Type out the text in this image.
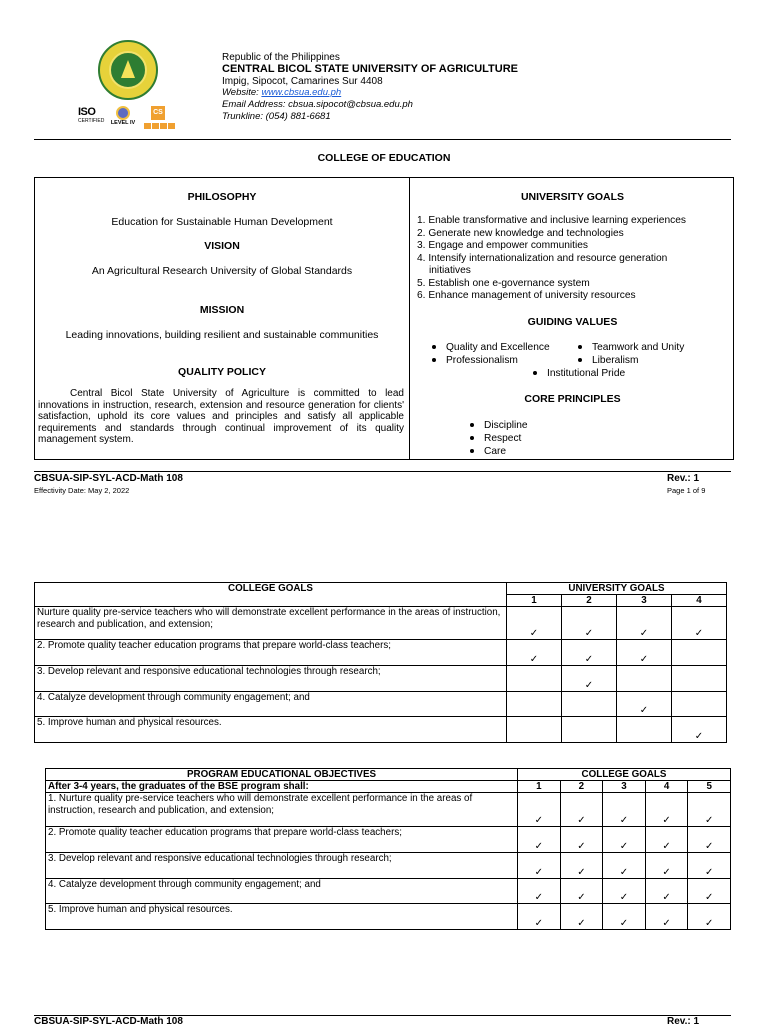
ISO
CERTIFIED LEVEL IV
CS
Republic of the Philippines
CENTRAL BICOL STATE UNIVERSITY OF AGRICULTURE
Impig, Sipocot, Camarines Sur 4408
Website: www.cbsua.edu.ph
Email Address: cbsua.sipocot@cbsua.edu.ph
Trunkline: (054) 881-6681
COLLEGE OF EDUCATION
PHILOSOPHY
Education for Sustainable Human Development
VISION
An Agricultural Research University of Global Standards
MISSION
Leading innovations, building resilient and sustainable communities
QUALITY POLICY
Central Bicol State University of Agriculture is committed to lead innovations in instruction, research, extension and resource generation for clients' satisfaction, uphold its core values and principles and satisfy all applicable requirements and standards through continual improvement of its quality management system.
UNIVERSITY GOALS
1. Enable transformative and inclusive learning experiences
2. Generate new knowledge and technologies
3. Engage and empower communities
4. Intensify internationalization and resource generation
initiatives
5. Establish one e-governance system
6. Enhance management of university resources
GUIDING VALUES
Quality and Excellence	Teamwork and Unity
Professionalism	Liberalism
Institutional Pride
CORE PRINCIPLES
Discipline
Respect
Care
CBSUA-SIP-SYL-ACD-Math 108
Effectivity Date: May 2, 2022
Rev.: 1
Page 1 of 9
COLLEGE GOALS	UNIVERSITY GOALS			
	1	2	3	4
Nurture quality pre-service teachers who will demonstrate excellent performance in the areas of instruction, research and publication, and extension;	✓	✓	✓	✓
2. Promote quality teacher education programs that prepare world-class teachers;	✓	✓	✓	
3. Develop relevant and responsive educational technologies through research;		✓		
4. Catalyze development through community engagement; and			✓	
5. Improve human and physical resources.				✓
PROGRAM EDUCATIONAL OBJECTIVES	COLLEGE GOALS				
After 3-4 years, the graduates of the BSE program shall:	1	2	3	4	5
1. Nurture quality pre-service teachers who will demonstrate excellent performance in the areas of instruction, research and publication, and extension;	✓	✓	✓	✓	✓
2. Promote quality teacher education programs that prepare world-class teachers;	✓	✓	✓	✓	✓
3. Develop relevant and responsive educational technologies through research;	✓	✓	✓	✓	✓
4. Catalyze development through community engagement; and	✓	✓	✓	✓	✓
5. Improve human and physical resources.	✓	✓	✓	✓	✓
CBSUA-SIP-SYL-ACD-Math 108	Rev.: 1
